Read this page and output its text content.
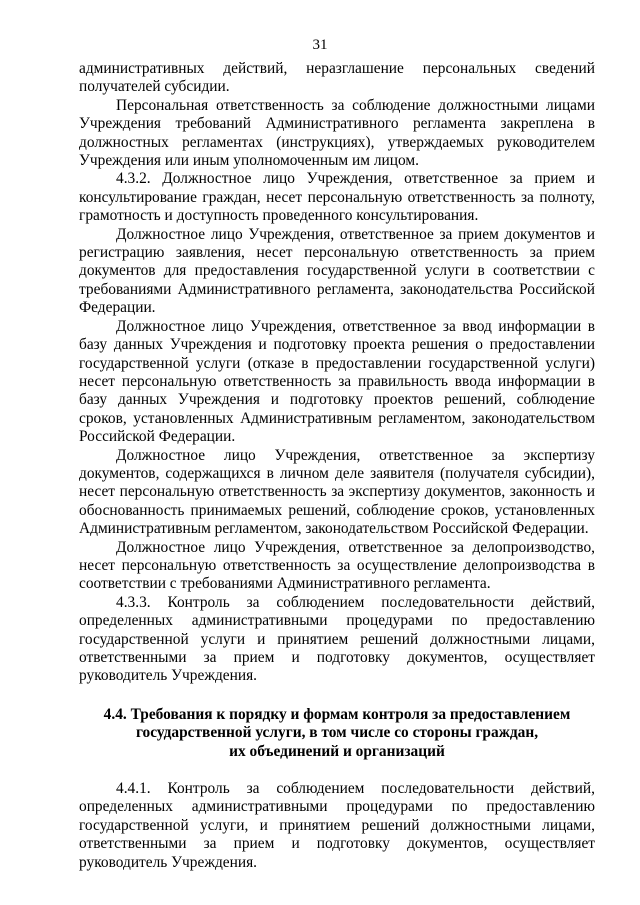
31

административных действий, неразглашение персональных сведений получателей субсидии.

Персональная ответственность за соблюдение должностными лицами Учреждения требований Административного регламента закреплена в должностных регламентах (инструкциях), утверждаемых руководителем Учреждения или иным уполномоченным им лицом.

4.3.2. Должностное лицо Учреждения, ответственное за прием и консультирование граждан, несет персональную ответственность за полноту, грамотность и доступность проведенного консультирования.

Должностное лицо Учреждения, ответственное за прием документов и регистрацию заявления, несет персональную ответственность за прием документов для предоставления государственной услуги в соответствии с требованиями Административного регламента, законодательства Российской Федерации.

Должностное лицо Учреждения, ответственное за ввод информации в базу данных Учреждения и подготовку проекта решения о предоставлении государственной услуги (отказе в предоставлении государственной услуги) несет персональную ответственность за правильность ввода информации в базу данных Учреждения и подготовку проектов решений, соблюдение сроков, установленных Административным регламентом, законодательством Российской Федерации.

Должностное лицо Учреждения, ответственное за экспертизу документов, содержащихся в личном деле заявителя (получателя субсидии), несет персональную ответственность за экспертизу документов, законность и обоснованность принимаемых решений, соблюдение сроков, установленных Административным регламентом, законодательством Российской Федерации.

Должностное лицо Учреждения, ответственное за делопроизводство, несет персональную ответственность за осуществление делопроизводства в соответствии с требованиями Административного регламента.

4.3.3. Контроль за соблюдением последовательности действий, определенных административными процедурами по предоставлению государственной услуги и принятием решений должностными лицами, ответственными за прием и подготовку документов, осуществляет руководитель Учреждения.

4.4. Требования к порядку и формам контроля за предоставлением
государственной услуги, в том числе со стороны граждан,
их объединений и организаций

4.4.1. Контроль за соблюдением последовательности действий, определенных административными процедурами по предоставлению государственной услуги, и принятием решений должностными лицами, ответственными за прием и подготовку документов, осуществляет руководитель Учреждения.
